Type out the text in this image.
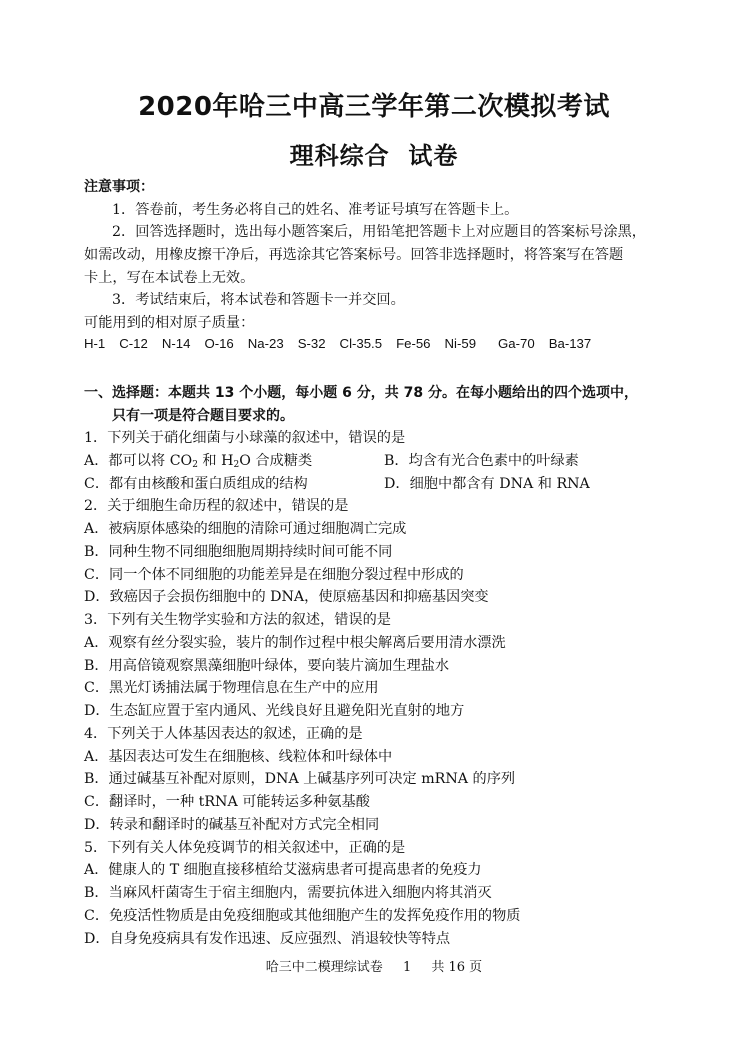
2020年哈三中高三学年第二次模拟考试
理科综合  试卷
注意事项：
1．答卷前，考生务必将自己的姓名、准考证号填写在答题卡上。
2．回答选择题时，选出每小题答案后，用铅笔把答题卡上对应题目的答案标号涂黑，
如需改动，用橡皮擦干净后，再选涂其它答案标号。回答非选择题时，将答案写在答题
卡上，写在本试卷上无效。
3．考试结束后，将本试卷和答题卡一并交回。
可能用到的相对原子质量：
H-1 C-12 N-14 O-16 Na-23 S-32 Cl-35.5 Fe-56 Ni-59 Ga-70 Ba-137
一、选择题：本题共 13 个小题，每小题 6 分，共 78 分。在每小题给出的四个选项中，
只有一项是符合题目要求的。
1．下列关于硝化细菌与小球藻的叙述中，错误的是
A．都可以将 $CO_2$ 和 $H_2O$ 合成糖类	B．均含有光合色素中的叶绿素
C．都有由核酸和蛋白质组成的结构	D．细胞中都含有 DNA 和 RNA
2．关于细胞生命历程的叙述中，错误的是
A．被病原体感染的细胞的清除可通过细胞凋亡完成
B．同种生物不同细胞细胞周期持续时间可能不同
C．同一个体不同细胞的功能差异是在细胞分裂过程中形成的
D．致癌因子会损伤细胞中的 DNA，使原癌基因和抑癌基因突变
3．下列有关生物学实验和方法的叙述，错误的是
A．观察有丝分裂实验，装片的制作过程中根尖解离后要用清水漂洗
B．用高倍镜观察黑藻细胞叶绿体，要向装片滴加生理盐水
C．黑光灯诱捕法属于物理信息在生产中的应用
D．生态缸应置于室内通风、光线良好且避免阳光直射的地方
4．下列关于人体基因表达的叙述，正确的是
A．基因表达可发生在细胞核、线粒体和叶绿体中
B．通过碱基互补配对原则，DNA 上碱基序列可决定 mRNA 的序列
C．翻译时，一种 tRNA 可能转运多种氨基酸
D．转录和翻译时的碱基互补配对方式完全相同
5．下列有关人体免疫调节的相关叙述中，正确的是
A．健康人的 T 细胞直接移植给艾滋病患者可提高患者的免疫力
B．当麻风杆菌寄生于宿主细胞内，需要抗体进入细胞内将其消灭
C．免疫活性物质是由免疫细胞或其他细胞产生的发挥免疫作用的物质
D．自身免疫病具有发作迅速、反应强烈、消退较快等特点
哈三中二模理综试卷 1 共 16 页
